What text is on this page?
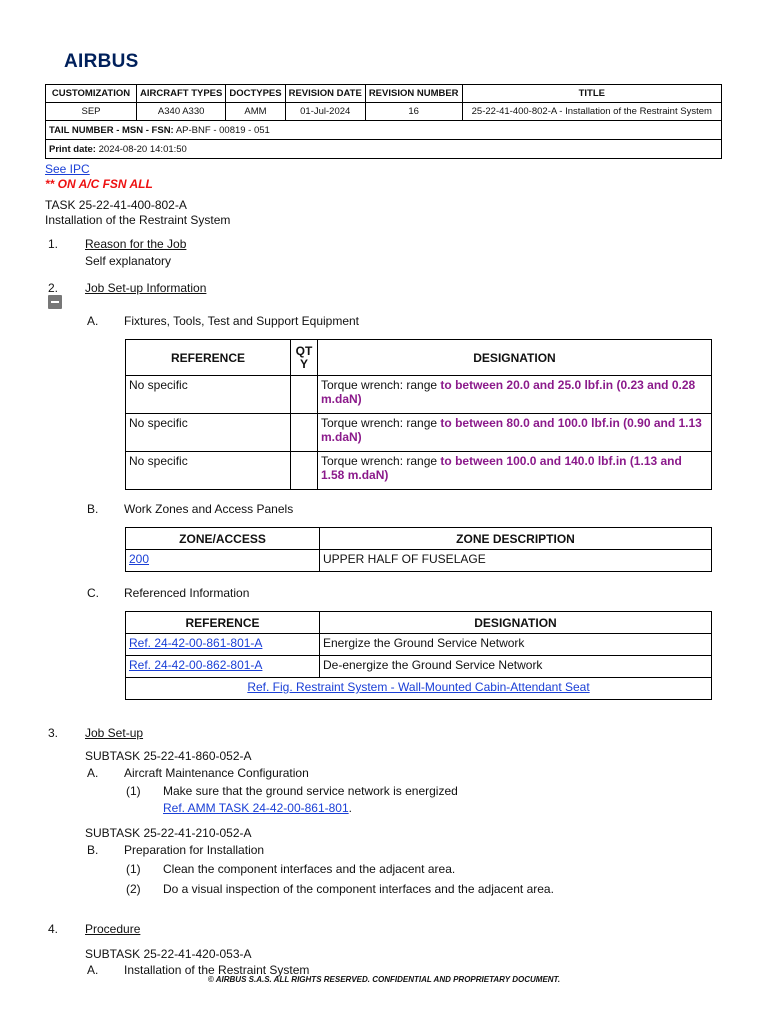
AIRBUS
CUSTOMIZATION	AIRCRAFT TYPES	DOCTYPES	REVISION DATE	REVISION NUMBER	TITLE
SEP	A340 A330	AMM	01-Jul-2024	16	25-22-41-400-802-A - Installation of the Restraint System
TAIL NUMBER - MSN - FSN: AP-BNF - 00819 - 051					
Print date: 2024-08-20 14:01:50					
See IPC
** ON A/C FSN ALL
TASK 25-22-41-400-802-A
Installation of the Restraint System
1. Reason for the Job
Self explanatory
2. Job Set-up Information
A. Fixtures, Tools, Test and Support Equipment
REFERENCE	QT Y	DESIGNATION
No specific		Torque wrench: range to between 20.0 and 25.0 lbf.in (0.23 and 0.28 m.daN)
No specific		Torque wrench: range to between 80.0 and 100.0 lbf.in (0.90 and 1.13 m.daN)
No specific		Torque wrench: range to between 100.0 and 140.0 lbf.in (1.13 and 1.58 m.daN)
B. Work Zones and Access Panels
ZONE/ACCESS	ZONE DESCRIPTION
200	UPPER HALF OF FUSELAGE
C. Referenced Information
REFERENCE	DESIGNATION
Ref. 24-42-00-861-801-A	Energize the Ground Service Network
Ref. 24-42-00-862-801-A	De-energize the Ground Service Network
Ref. Fig. Restraint System - Wall-Mounted Cabin-Attendant Seat	
3. Job Set-up
SUBTASK 25-22-41-860-052-A
A. Aircraft Maintenance Configuration
(1) Make sure that the ground service network is energized
Ref. AMM TASK 24-42-00-861-801.
SUBTASK 25-22-41-210-052-A
B. Preparation for Installation
(1) Clean the component interfaces and the adjacent area.
(2) Do a visual inspection of the component interfaces and the adjacent area.
4. Procedure
SUBTASK 25-22-41-420-053-A
A. Installation of the Restraint System
© AIRBUS S.A.S. ALL RIGHTS RESERVED. CONFIDENTIAL AND PROPRIETARY DOCUMENT.
